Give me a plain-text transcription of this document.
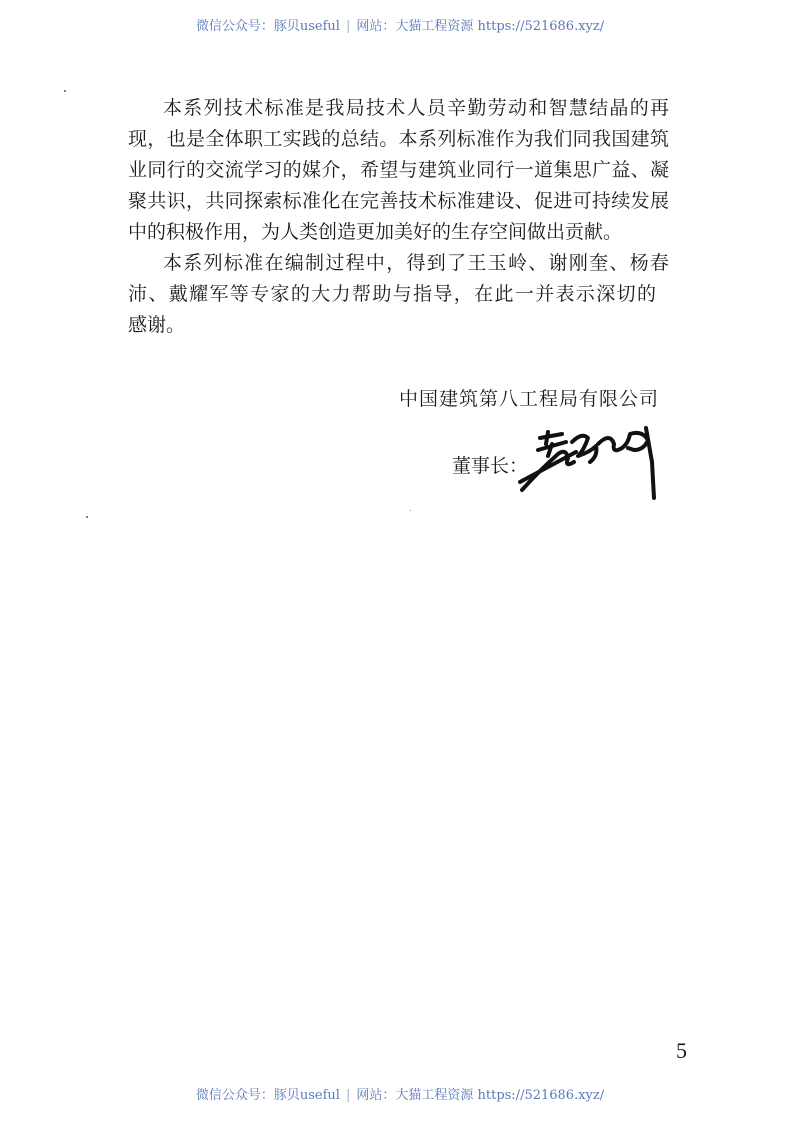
微信公众号：豚贝useful | 网站：大猫工程资源 https://521686.xyz/
本系列技术标准是我局技术人员辛勤劳动和智慧结晶的再
现，也是全体职工实践的总结。本系列标准作为我们同我国建筑
业同行的交流学习的媒介，希望与建筑业同行一道集思广益、凝
聚共识，共同探索标准化在完善技术标准建设、促进可持续发展
中的积极作用，为人类创造更加美好的生存空间做出贡献。
本系列标准在编制过程中，得到了王玉岭、谢刚奎、杨春
沛、戴耀军等专家的大力帮助与指导，在此一并表示深切的
感谢。
中国建筑第八工程局有限公司
董事长：
5
微信公众号：豚贝useful | 网站：大猫工程资源 https://521686.xyz/
